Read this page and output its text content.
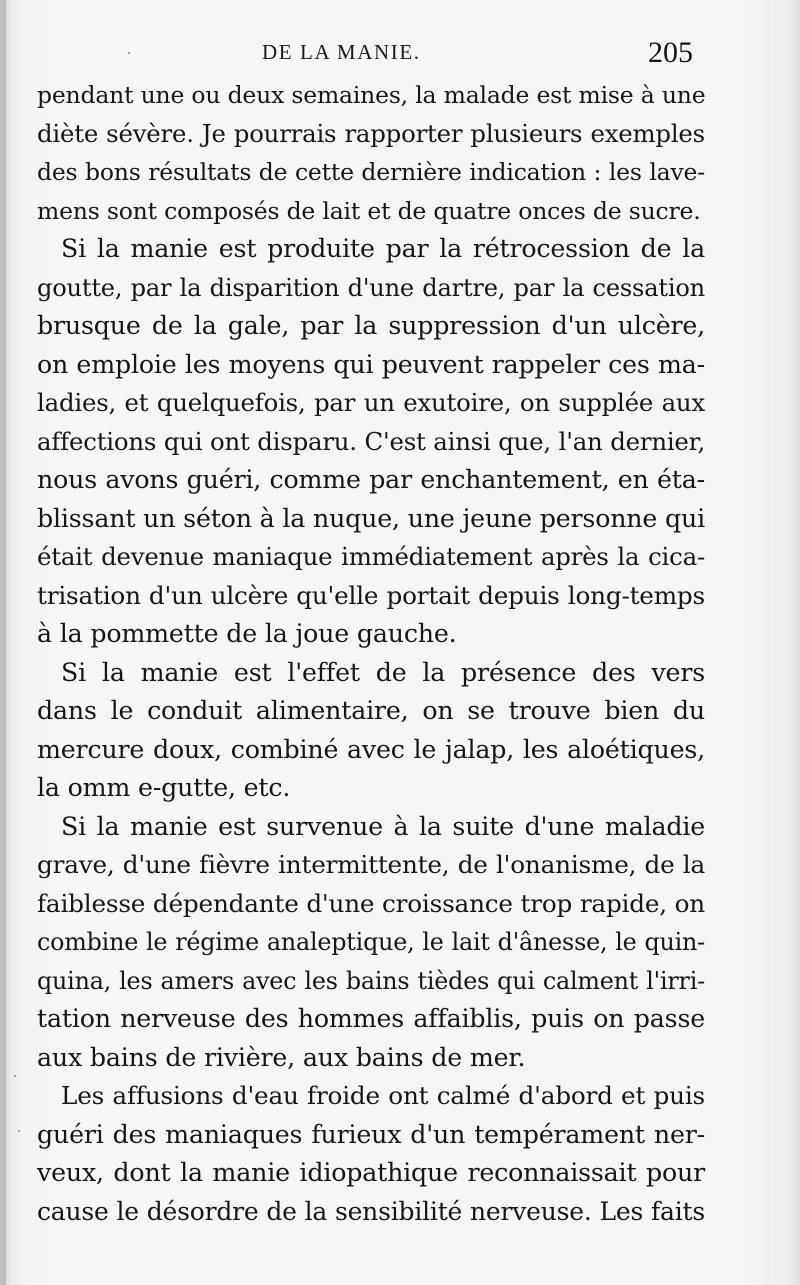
DE LA MANIE.	205
pendant une ou deux semaines, la malade est mise à une
diète sévère. Je pourrais rapporter plusieurs exemples
des bons résultats de cette dernière indication : les lave-
mens sont composés de lait et de quatre onces de sucre.
Si la manie est produite par la rétrocession de la
goutte, par la disparition d'une dartre, par la cessation
brusque de la gale, par la suppression d'un ulcère,
on emploie les moyens qui peuvent rappeler ces ma-
ladies, et quelquefois, par un exutoire, on supplée aux
affections qui ont disparu. C'est ainsi que, l'an dernier,
nous avons guéri, comme par enchantement, en éta-
blissant un séton à la nuque, une jeune personne qui
était devenue maniaque immédiatement après la cica-
trisation d'un ulcère qu'elle portait depuis long-temps
à la pommette de la joue gauche.
Si la manie est l'effet de la présence des vers
dans le conduit alimentaire, on se trouve bien du
mercure doux, combiné avec le jalap, les aloétiques,
la omm e-gutte, etc.
Si la manie est survenue à la suite d'une maladie
grave, d'une fièvre intermittente, de l'onanisme, de la
faiblesse dépendante d'une croissance trop rapide, on
combine le régime analeptique, le lait d'ânesse, le quin-
quina, les amers avec les bains tièdes qui calment l'irri-
tation nerveuse des hommes affaiblis, puis on passe
aux bains de rivière, aux bains de mer.
Les affusions d'eau froide ont calmé d'abord et puis
guéri des maniaques furieux d'un tempérament ner-
veux, dont la manie idiopathique reconnaissait pour
cause le désordre de la sensibilité nerveuse. Les faits
